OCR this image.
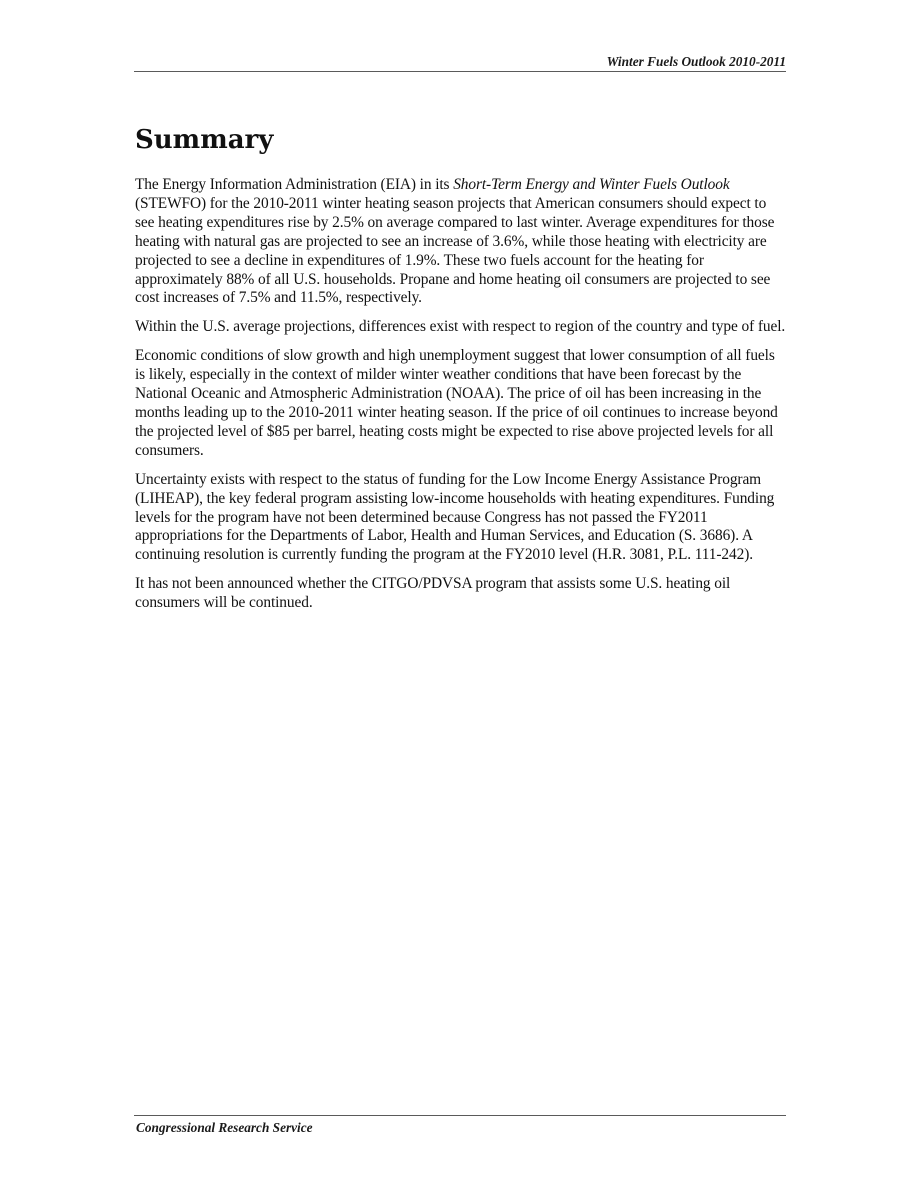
Winter Fuels Outlook 2010-2011
Summary

The Energy Information Administration (EIA) in its Short-Term Energy and Winter Fuels Outlook (STEWFO) for the 2010-2011 winter heating season projects that American consumers should expect to see heating expenditures rise by 2.5% on average compared to last winter. Average expenditures for those heating with natural gas are projected to see an increase of 3.6%, while those heating with electricity are projected to see a decline in expenditures of 1.9%. These two fuels account for the heating for approximately 88% of all U.S. households. Propane and home heating oil consumers are projected to see cost increases of 7.5% and 11.5%, respectively.

Within the U.S. average projections, differences exist with respect to region of the country and type of fuel.

Economic conditions of slow growth and high unemployment suggest that lower consumption of all fuels is likely, especially in the context of milder winter weather conditions that have been forecast by the National Oceanic and Atmospheric Administration (NOAA). The price of oil has been increasing in the months leading up to the 2010-2011 winter heating season. If the price of oil continues to increase beyond the projected level of $85 per barrel, heating costs might be expected to rise above projected levels for all consumers.

Uncertainty exists with respect to the status of funding for the Low Income Energy Assistance Program (LIHEAP), the key federal program assisting low-income households with heating expenditures. Funding levels for the program have not been determined because Congress has not passed the FY2011 appropriations for the Departments of Labor, Health and Human Services, and Education (S. 3686). A continuing resolution is currently funding the program at the FY2010 level (H.R. 3081, P.L. 111-242).

It has not been announced whether the CITGO/PDVSA program that assists some U.S. heating oil consumers will be continued.

Congressional Research Service
